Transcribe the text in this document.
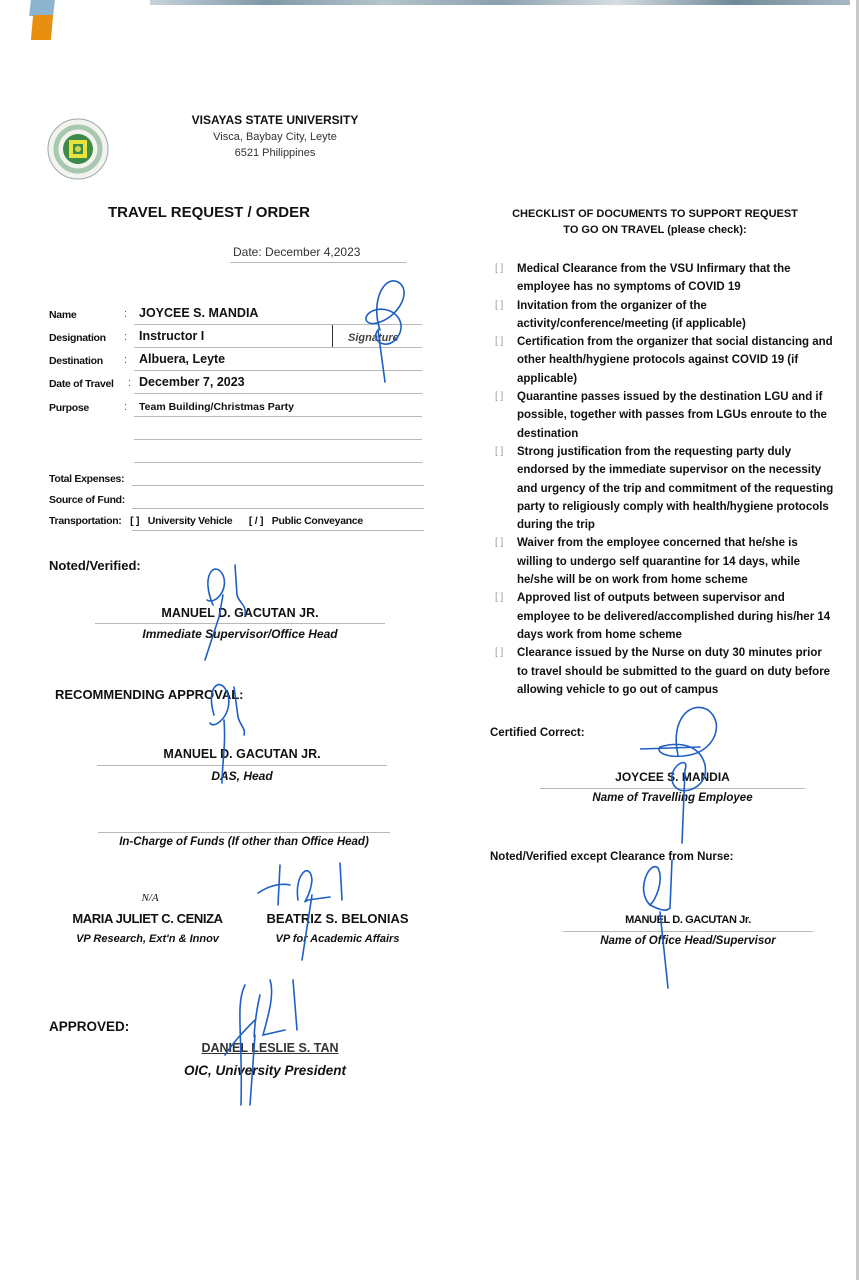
VISAYAS STATE UNIVERSITY
Visca, Baybay City, Leyte
6521 Philippines
TRAVEL REQUEST / ORDER
Date: December 4,2023
Name	: JOYCEE S. MANDIA
Designation : Instructor I	Signature
Destination : Albuera, Leyte
Date of Travel : December 7, 2023
Purpose	: Team Building/Christmas Party
Total Expenses:
Source of Fund:
Transportation: [ ] University Vehicle [ / ] Public Conveyance
Noted/Verified:
MANUEL D. GACUTAN JR.
Immediate Supervisor/Office Head
RECOMMENDING APPROVAL:
MANUEL D. GACUTAN JR.
DAS, Head
In-Charge of Funds (If other than Office Head)
N/A
MARIA JULIET C. CENIZA
VP Research, Ext'n & Innov
BEATRIZ S. BELONIAS
VP for Academic Affairs
APPROVED:
DANIEL LESLIE S. TAN
OIC, University President
CHECKLIST OF DOCUMENTS TO SUPPORT REQUEST
TO GO ON TRAVEL (please check):
[ ]	Medical Clearance from the VSU Infirmary that the employee has no symptoms of COVID 19
[ ]	Invitation from the organizer of the activity/conference/meeting (if applicable)
[ ]	Certification from the organizer that social distancing and other health/hygiene protocols against COVID 19 (if applicable)
[ ]	Quarantine passes issued by the destination LGU and if possible, together with passes from LGUs enroute to the destination
[ ]	Strong justification from the requesting party duly endorsed by the immediate supervisor on the necessity and urgency of the trip and commitment of the requesting party to religiously comply with health/hygiene protocols during the trip
[ ]	Waiver from the employee concerned that he/she is willing to undergo self quarantine for 14 days, while he/she will be on work from home scheme
[ ]	Approved list of outputs between supervisor and employee to be delivered/accomplished during his/her 14 days work from home scheme
[ ]	Clearance issued by the Nurse on duty 30 minutes prior to travel should be submitted to the guard on duty before allowing vehicle to go out of campus
Certified Correct:
JOYCEE S. MANDIA
Name of Travelling Employee
Noted/Verified except Clearance from Nurse:
MANUEL D. GACUTAN Jr.
Name of Office Head/Supervisor
